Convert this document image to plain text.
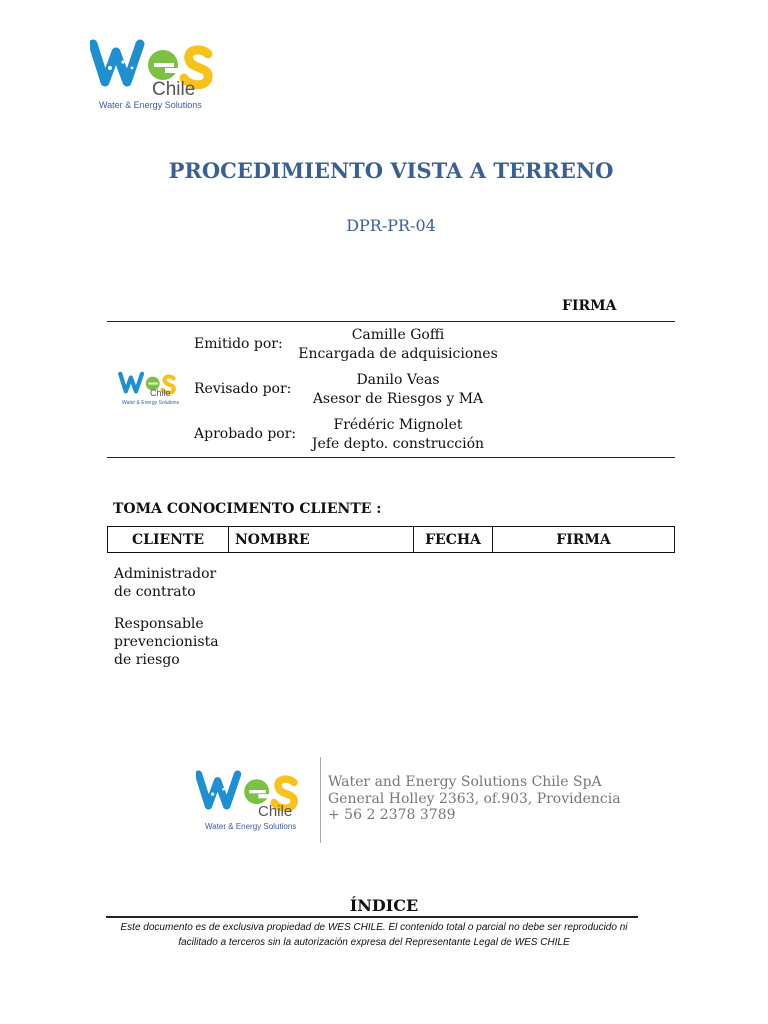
Chile
Water & Energy Solutions
PROCEDIMIENTO VISTA A TERRENO
DPR-PR-04
FIRMA
Chile
Water & Energy Solutions
Emitido por:
Camille Goffi
Encargada de adquisiciones
Revisado por:
Danilo Veas
Asesor de Riesgos y MA
Aprobado por:
Frédéric Mignolet
Jefe depto. construcción
TOMA CONOCIMENTO CLIENTE :
CLIENTE	NOMBRE	FECHA	FIRMA
Administrador
de contrato
Responsable
prevencionista
de riesgo
Chile
Water & Energy Solutions
Water and Energy Solutions Chile SpA
General Holley 2363, of.903, Providencia
+ 56 2 2378 3789
ÍNDICE
Este documento es de exclusiva propiedad de WES CHILE. El contenido total o parcial no debe ser reproducido ni
facilitado a terceros sin la autorización expresa del Representante Legal de WES CHILE
